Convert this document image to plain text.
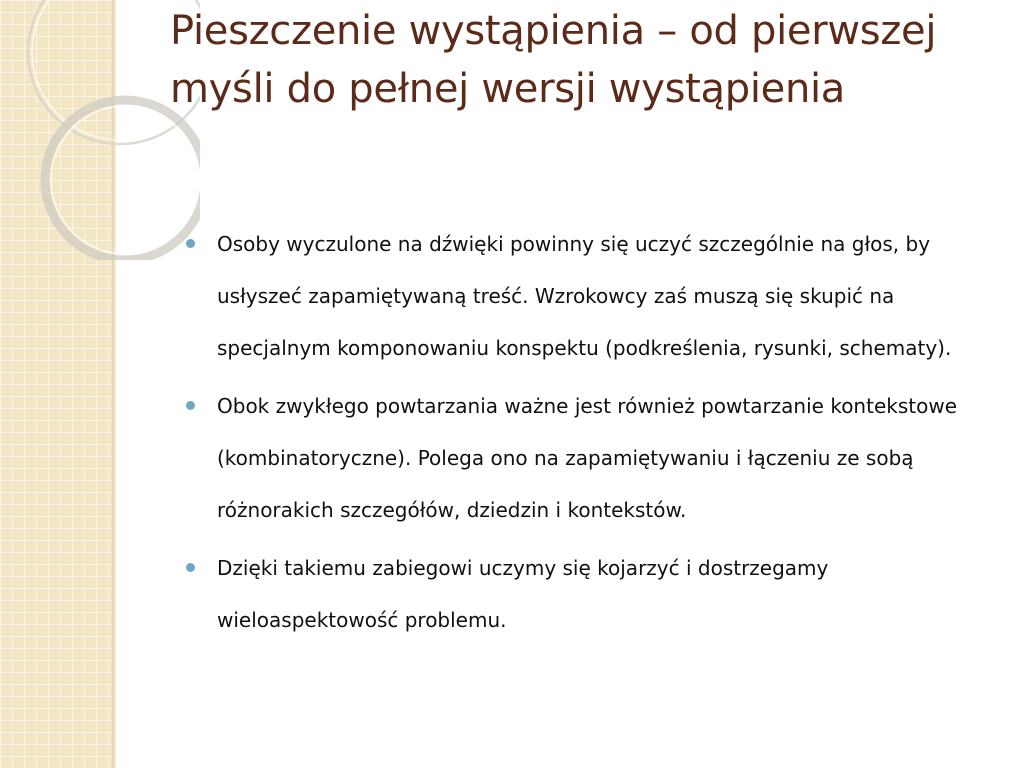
Pieszczenie wystąpienia – od pierwszej myśli do pełnej wersji wystąpienia
Osoby wyczulone na dźwięki powinny się uczyć szczególnie na głos, by usłyszeć zapamiętywaną treść. Wzrokowcy zaś muszą się skupić na specjalnym komponowaniu konspektu (podkreślenia, rysunki, schematy).
Obok zwykłego powtarzania ważne jest również powtarzanie kontekstowe (kombinatoryczne). Polega ono na zapamiętywaniu i łączeniu ze sobą różnorakich szczegółów, dziedzin i kontekstów.
Dzięki takiemu zabiegowi uczymy się kojarzyć i dostrzegamy wieloaspektowość problemu.
